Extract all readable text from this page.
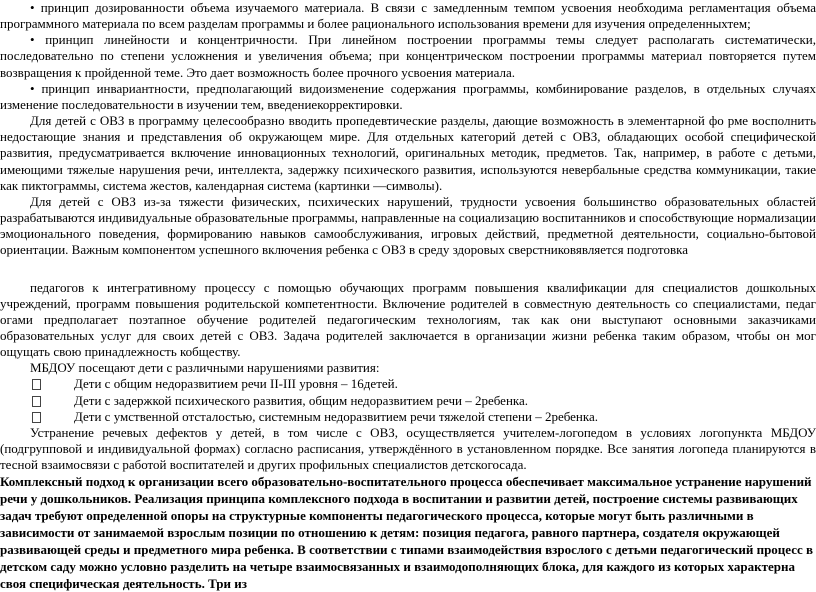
• принцип дозированности объема изучаемого материала. В связи с замедленным темпом усвоения необходима регламентация объема программного материала по всем разделам программы и более рационального использования времени для изучения определенныхтем;

• принцип линейности и концентричности. При линейном построении программы темы следует располагать систематически, последовательно по степени усложнения и увеличения объема; при концентрическом построении программы материал повторяется путем возвращения к пройденной теме. Это дает возможность более прочного усвоения материала.

• принцип инвариантности, предполагающий видоизменение содержания программы, комбинирование разделов, в отдельных случаях изменение последовательности в изучении тем, введениекорректировки.

Для детей с ОВЗ в программу целесообразно вводить пропедевтические разделы, дающие возможность в элементарной фо рме восполнить недостающие знания и представления об окружающем мире. Для отдельных категорий детей с ОВЗ, обладающих особой специфической развития, предусматривается включение инновационных технологий, оригинальных методик, предметов. Так, например, в работе с детьми, имеющими тяжелые нарушения речи, интеллекта, задержку психического развития, используются невербальные средства коммуникации, такие как пиктограммы, система жестов, календарная система (картинки —символы).

Для детей с ОВЗ из-за тяжести физических, психических нарушений, трудности усвоения большинство образовательных областей разрабатываются индивидуальные образовательные программы, направленные на социализацию воспитанников и способствующие нормализации эмоционального поведения, формированию навыков самообслуживания, игровых действий, предметной деятельности, социально-бытовой ориентации. Важным компонентом успешного включения ребенка с ОВЗ в среду здоровых сверстниковявляется подготовка

педагогов к интегративному процессу с помощью обучающих программ повышения квалификации для специалистов дошкольных учреждений, программ повышения родительской компетентности. Включение родителей в совместную деятельность со специалистами, педаг огами предполагает поэтапное обучение родителей педагогическим технологиям, так как они выступают основными заказчиками образовательных услуг для своих детей с ОВЗ. Задача родителей заключается в организации жизни ребенка таким образом, чтобы он мог ощущать свою принадлежность кобществу.

МБДОУ посещают дети с различными нарушениями развития:

Дети с общим недоразвитием речи II-III уровня – 16детей.

Дети с задержкой психического развития, общим недоразвитием речи – 2ребенка.

Дети с умственной отсталостью, системным недоразвитием речи тяжелой степени – 2ребенка.

Устранение речевых дефектов у детей, в том числе с ОВЗ, осуществляется учителем-логопедом в условиях логопункта МБДОУ (подгрупповой и индивидуальной формах) согласно расписания, утверждённого в установленном порядке. Все занятия логопеда планируются в тесной взаимосвязи с работой воспитателей и других профильных специалистов детскогосада.

Комплексный подход к организации всего образовательно-воспитательного процесса обеспечивает максимальное устранение нарушений речи у дошкольников. Реализация принципа комплексного подхода в воспитании и развитии детей, построение системы развивающих задач требуют определенной опоры на структурные компоненты педагогического процесса, которые могут быть различными в зависимости от занимаемой взрослым позиции по отношению к детям: позиция педагога, равного партнера, создателя окружающей развивающей среды и предметного мира ребенка. В соответствии с типами взаимодействия взрослого с детьми педагогический процесс в детском саду можно условно разделить на четыре взаимосвязанных и взаимодополняющих блока, для каждого из которых характерна своя специфическая деятельность. Три из
